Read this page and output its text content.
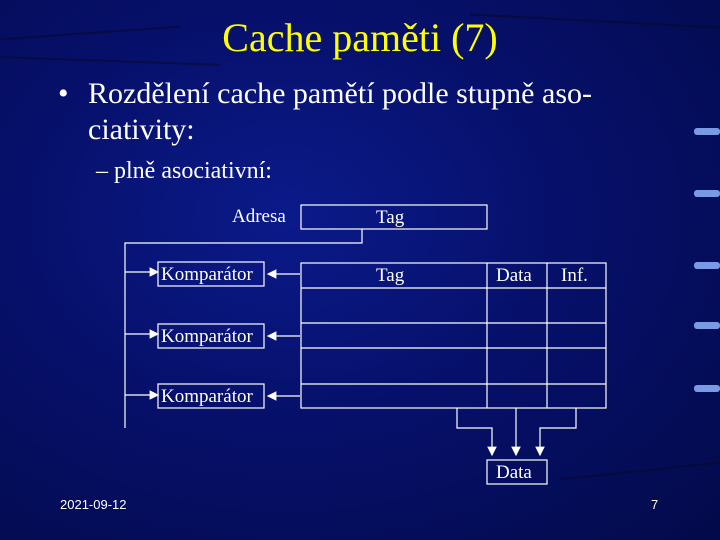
Cache paměti (7)
• Rozdělení cache pamětí podle stupně aso- ciativity:
– plně asociativní:
Adresa	Tag
Komparátor
Komparátor
Komparátor
Tag	Data Inf.
Data
2021-09-12	7
